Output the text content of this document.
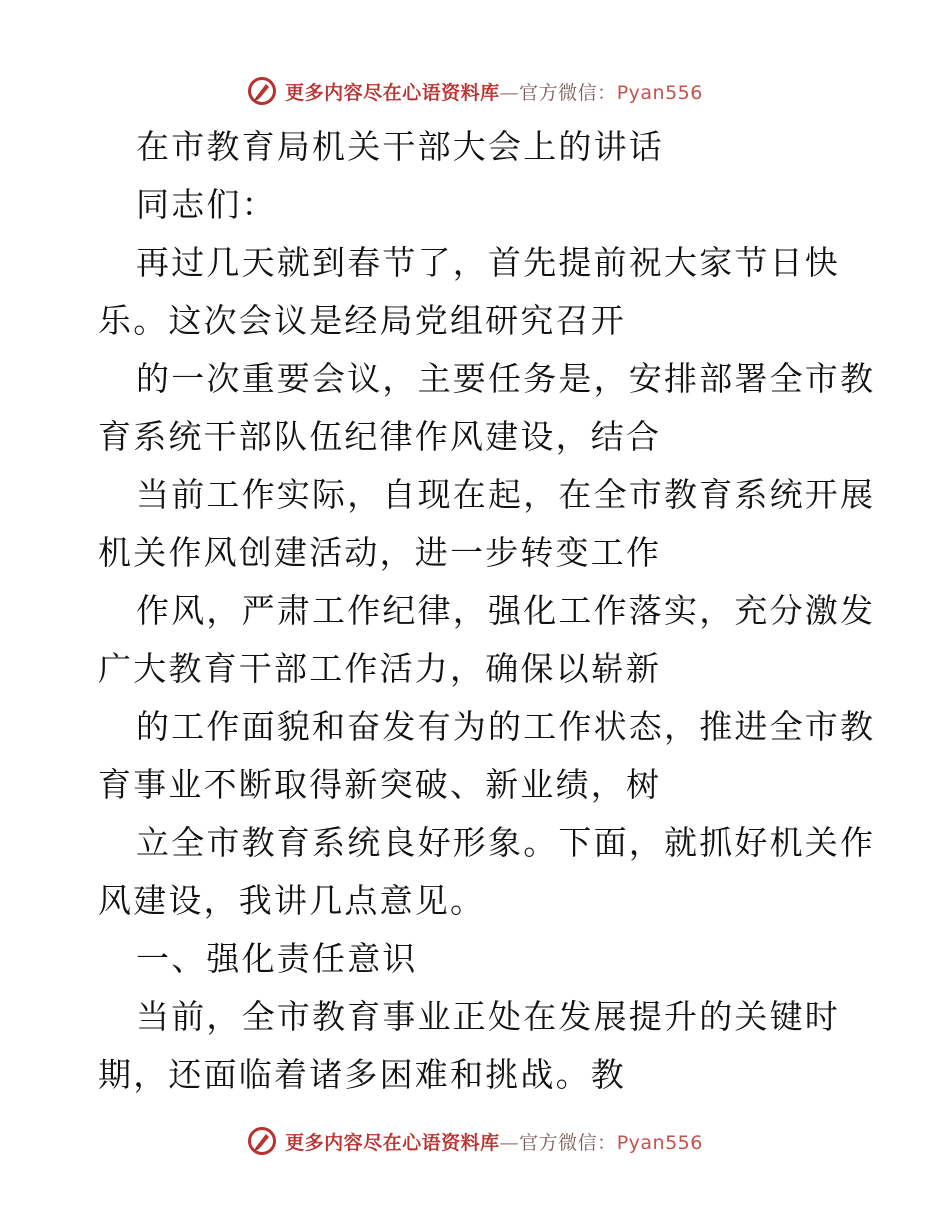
更多内容尽在心语资料库—官方微信：Pyan556
在市教育局机关干部大会上的讲话
同志们：
再过几天就到春节了，首先提前祝大家节日快
乐。这次会议是经局党组研究召开
的一次重要会议，主要任务是，安排部署全市教
育系统干部队伍纪律作风建设，结合
当前工作实际，自现在起，在全市教育系统开展
机关作风创建活动，进一步转变工作
作风，严肃工作纪律，强化工作落实，充分激发
广大教育干部工作活力，确保以崭新
的工作面貌和奋发有为的工作状态，推进全市教
育事业不断取得新突破、新业绩，树
立全市教育系统良好形象。下面，就抓好机关作
风建设，我讲几点意见。
一、强化责任意识
当前，全市教育事业正处在发展提升的关键时
期，还面临着诸多困难和挑战。教
更多内容尽在心语资料库—官方微信：Pyan556
